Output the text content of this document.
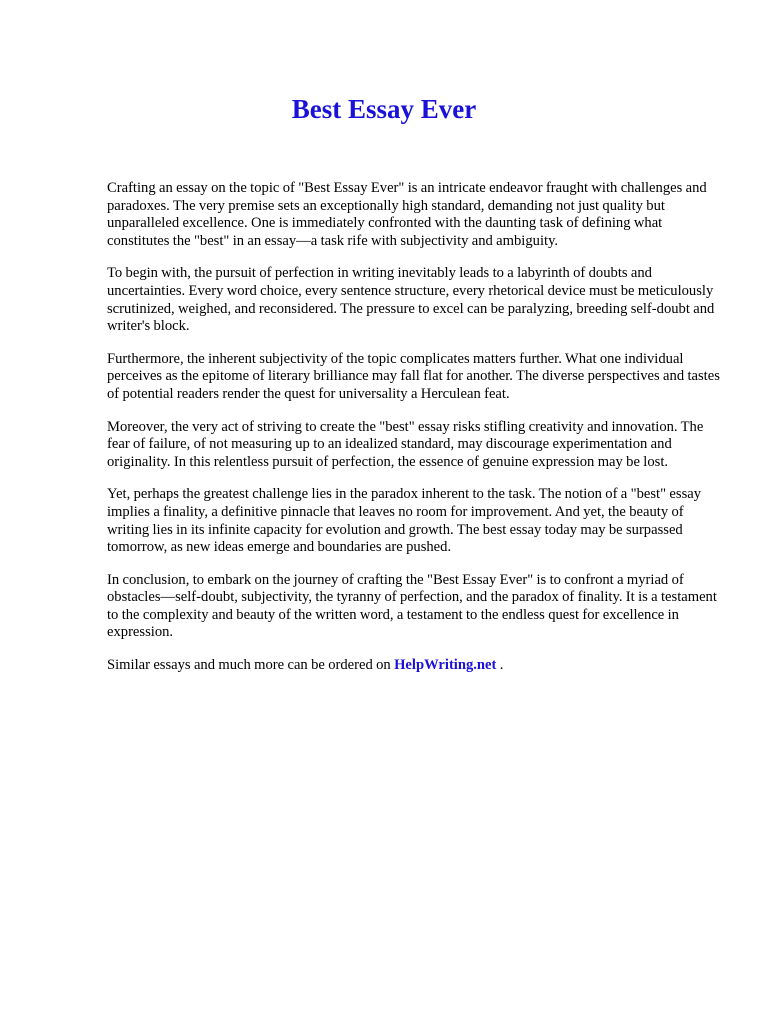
Best Essay Ever

Crafting an essay on the topic of "Best Essay Ever" is an intricate endeavor fraught with challenges and paradoxes. The very premise sets an exceptionally high standard, demanding not just quality but unparalleled excellence. One is immediately confronted with the daunting task of defining what constitutes the "best" in an essay—a task rife with subjectivity and ambiguity.

To begin with, the pursuit of perfection in writing inevitably leads to a labyrinth of doubts and uncertainties. Every word choice, every sentence structure, every rhetorical device must be meticulously scrutinized, weighed, and reconsidered. The pressure to excel can be paralyzing, breeding self-doubt and writer's block.

Furthermore, the inherent subjectivity of the topic complicates matters further. What one individual perceives as the epitome of literary brilliance may fall flat for another. The diverse perspectives and tastes of potential readers render the quest for universality a Herculean feat.

Moreover, the very act of striving to create the "best" essay risks stifling creativity and innovation. The fear of failure, of not measuring up to an idealized standard, may discourage experimentation and originality. In this relentless pursuit of perfection, the essence of genuine expression may be lost.

Yet, perhaps the greatest challenge lies in the paradox inherent to the task. The notion of a "best" essay implies a finality, a definitive pinnacle that leaves no room for improvement. And yet, the beauty of writing lies in its infinite capacity for evolution and growth. The best essay today may be surpassed tomorrow, as new ideas emerge and boundaries are pushed.

In conclusion, to embark on the journey of crafting the "Best Essay Ever" is to confront a myriad of obstacles—self-doubt, subjectivity, the tyranny of perfection, and the paradox of finality. It is a testament to the complexity and beauty of the written word, a testament to the endless quest for excellence in expression.

Similar essays and much more can be ordered on HelpWriting.net .
